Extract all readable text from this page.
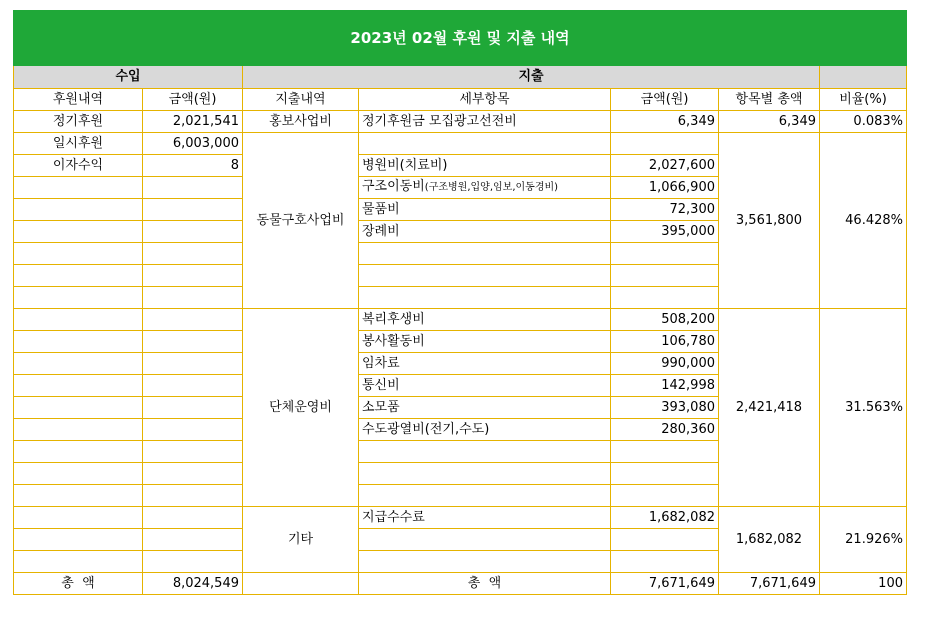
2023년 02월 후원 및 지출 내역						
수입		지출				
후원내역	금액(원)	지출내역	세부항목	금액(원)	항목별 총액	비율(%)
정기후원	2,021,541	홍보사업비	정기후원금 모집광고선전비	6,349	6,349	0.083%
일시후원	6,003,000	동물구호사업비			3,561,800	46.428%
이자수익	8		병원비(치료비)	2,027,600		
			구조이동비(구조병원,입양,임보,이동경비)	1,066,900		
			물품비	72,300		
			장례비	395,000		

		단체운영비	복리후생비	508,200	2,421,418	31.563%
			봉사활동비	106,780		
			임차료	990,000		
			통신비	142,998		
			소모품	393,080		
			수도광열비(전기,수도)	280,360		

		기타	지급수수료	1,682,082	1,682,082	21.926%

총  액	8,024,549		총  액	7,671,649	7,671,649	100
